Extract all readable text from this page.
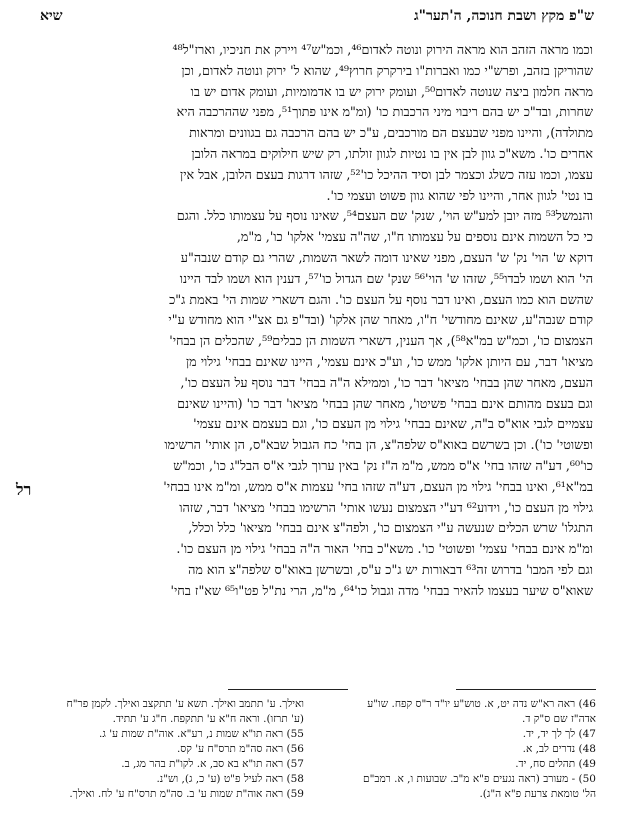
ש"פ מקץ ושבת חנוכה, ה'תער"ג
שיא
וכמו מראה הזהב הוא מראה הירוק ונוטה לאדום⁴⁶, וכמ"ש⁴⁷ ויירק את חניכיו, וארז"ל⁴⁸
שהוריקן בזהב, ופרש"י כמו ואברות"ו בירקרק חרוץ⁴⁹, שהוא ל' ירוק ונוטה לאדום, וכן
מראה חלמון ביצה שנוטה לאדום⁵⁰, ועומק ירוק יש בו אדמומיות, ועומק אדום יש בו
שחרות, ובד"כ יש בהם ריבוי מיני הרכבות כו' (ומ"מ אינו פתוך⁵¹, מפני שההרכבה היא
מתולדה), והיינו מפני שבעצם הם מורכבים, ע"כ יש בהם הרכבה גם בגוונים ומראות
אחרים כו'. משא"כ גוון לבן אין בו נטיות לגוון זולתו, רק שיש חילוקים במראה הלובן
עצמו, וכמו עזה כשלג וכצמר לבן וסיד ההיכל כו'⁵², שזהו דרגות בעצם הלובן, אבל אין
בו נטי' לגוון אחר, והיינו לפי שהוא גוון פשוט ועצמי כו'.
והנמשל⁵³ מזה יובן למע"ש הוי', שנק' שם העצם⁵⁴, שאינו נוסף על עצמותו כלל. והגם
כי כל השמות אינם נוספים על עצמותו ח"ו, שה"ה עצמי' אלקו' כו', מ"מ,
דוקא ש' הוי' נק' ש' העצם, מפני שאינו דומה לשאר השמות, שהרי גם קודם שנבה"ע
הי' הוא ושמו לבדו⁵⁵, שזהו ש' הוי'⁵⁶ שנק' שם הגדול כו'⁵⁷, דענין הוא ושמו לבד היינו
שהשם הוא כמו העצם, ואינו דבר נוסף על העצם כו'. והגם דשארי שמות הי' באמת ג"כ
קודם שנבה"ע, שאינם מחודשי' ח"ו, מאחר שהן אלקו' (ובד"פ גם אצ"י הוא מחודש ע"י
הצמצום כו', וכמ"ש במ"א⁵⁸), אך הענין, דשארי השמות הן כבלים⁵⁹, שהכלים הן בבחי'
מציאו' דבר, עם היותן אלקו' ממש כו', וע"כ אינם עצמי', היינו שאינם בבחי' גילוי מן
העצם, מאחר שהן בבחי' מציאו' דבר כו', וממילא ה"ה בבחי' דבר נוסף על העצם כו',
וגם בעצם מהותם אינם בבחי' פשיטו', מאחר שהן בבחי' מציאו' דבר כו' (והיינו שאינם
עצמיים לגבי אוא"ס ב"ה, שאינם בבחי' גילוי מן העצם כו', וגם בעצמם אינם עצמי'
ופשוטי' כו'). וכן בשרשם באוא"ס שלפה"צ, הן בחי' כח הגבול שבא"ס, הן אותי' הרשימו
כו'⁶⁰, דע"ה שזהו בחי' א"ס ממש, מ"מ ה"ז נק' באין ערוך לגבי א"ס הבל"ג כו', וכמ"ש
במ"א⁶¹, ואינו בבחי' גילוי מן העצם, דע"ה שזהו בחי' עצמות א"ס ממש, ומ"מ אינו בבחי'
גילוי מן העצם כו', וידוע⁶² דע"י הצמצום נעשו אותי' הרשימו בבחי' מציאו' דבר, שזהו
התגלו' שרש הכלים שנעשה ע"י הצמצום כו', ולפה"צ אינם בבחי' מציאו' כלל וכלל,
ומ"מ אינם בבחי' עצמי' ופשוטי' כו'. משא"כ בחי' האור ה"ה בבחי' גילוי מן העצם כו'.
וגם לפי המבו' בדרוש זה⁶³ דבאורות יש ג"כ ע"ס, ובשרשן באוא"ס שלפה"צ הוא מה
שאוא"ס שיער בעצמו להאיר בבחי' מדה וגבול כו'⁶⁴, מ"מ, הרי נת"ל פט"ו⁶⁵ שא"ז בחי'
רל
46) ראה רא"ש נדה יט, א. טוש"ע יו"ד ר"ס קפח. שו"ע
אדה"ז שם ס"ק ד.
47) לך לך יד, יד.
48) נדרים לב, א.
49) תהלים סח, יד.
50) - מעורב (ראה נגעים פ"א מ"ב. שבועות ו, א. רמב"ם
הל' טומאת צרעת פ"א ה"ג).
ואילך. ע' תתמב ואילך. תשא ע' תתקצב ואילך. לקמן פר"ח
(ע' תרזו). וראה ח"א ע' תתקפח. ח"ג ע' תתיד.
55) ראה תו"א שמות נ, רע"א. אוה"ת שמות ע' ג.
56) ראה סה"מ תרס"ח ע' קס.
57) ראה תו"א בא סב, א. לקו"ת בהר מג, ב.
58) ראה לעיל פ"ט (ע' כ, ג), וש"נ.
59) ראה אוה"ת שמות ע' ב. סה"מ תרס"ח ע' לח. ואילך.
